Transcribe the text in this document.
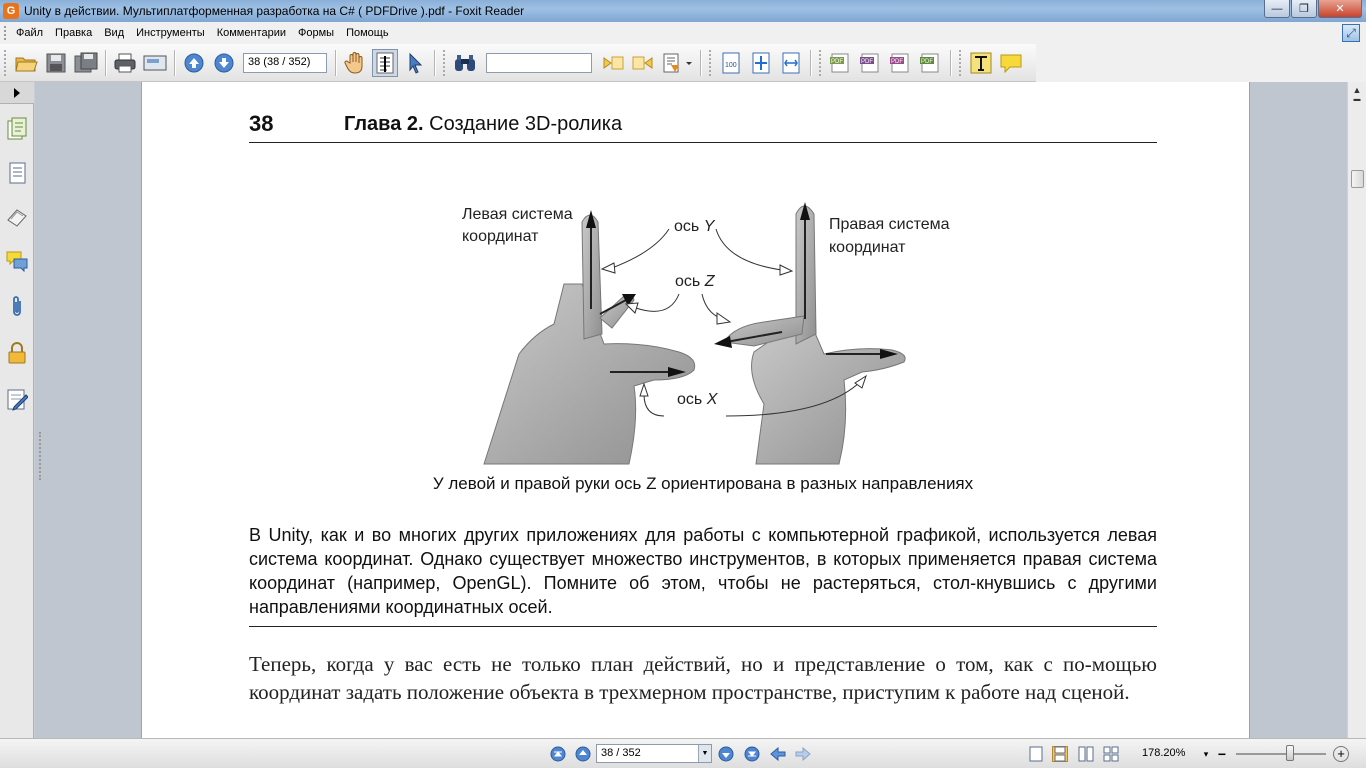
G Unity в действии. Мультиплатформенная разработка на C# ( PDFDrive ).pdf - Foxit Reader	—	❐	✕
Файл	Правка	Вид	Инструменты	Комментарии	Формы	Помощь	⤢
38 (38 / 352)	100	PDF	PDF	PDF	PDF
38	Глава 2. Создание 3D-ролика
Левая система
координат
Правая система
координат
ось Y
ось Z
ось X
У левой и правой руки ось Z ориентирована в разных направлениях
В Unity, как и во многих других приложениях для работы с компьютерной графикой, используется левая система координат. Однако существует множество инструментов, в которых применяется правая система координат (например, OpenGL). Помните об этом, чтобы не растеряться, стол-кнувшись с другими направлениями координатных осей.
Теперь, когда у вас есть не только план действий, но и представление о том, как с по-мощью координат задать положение объекта в трехмерном пространстве, приступим к работе над сценой.
▲
▬
38 / 352	▼	178.20%	▾ −	+
